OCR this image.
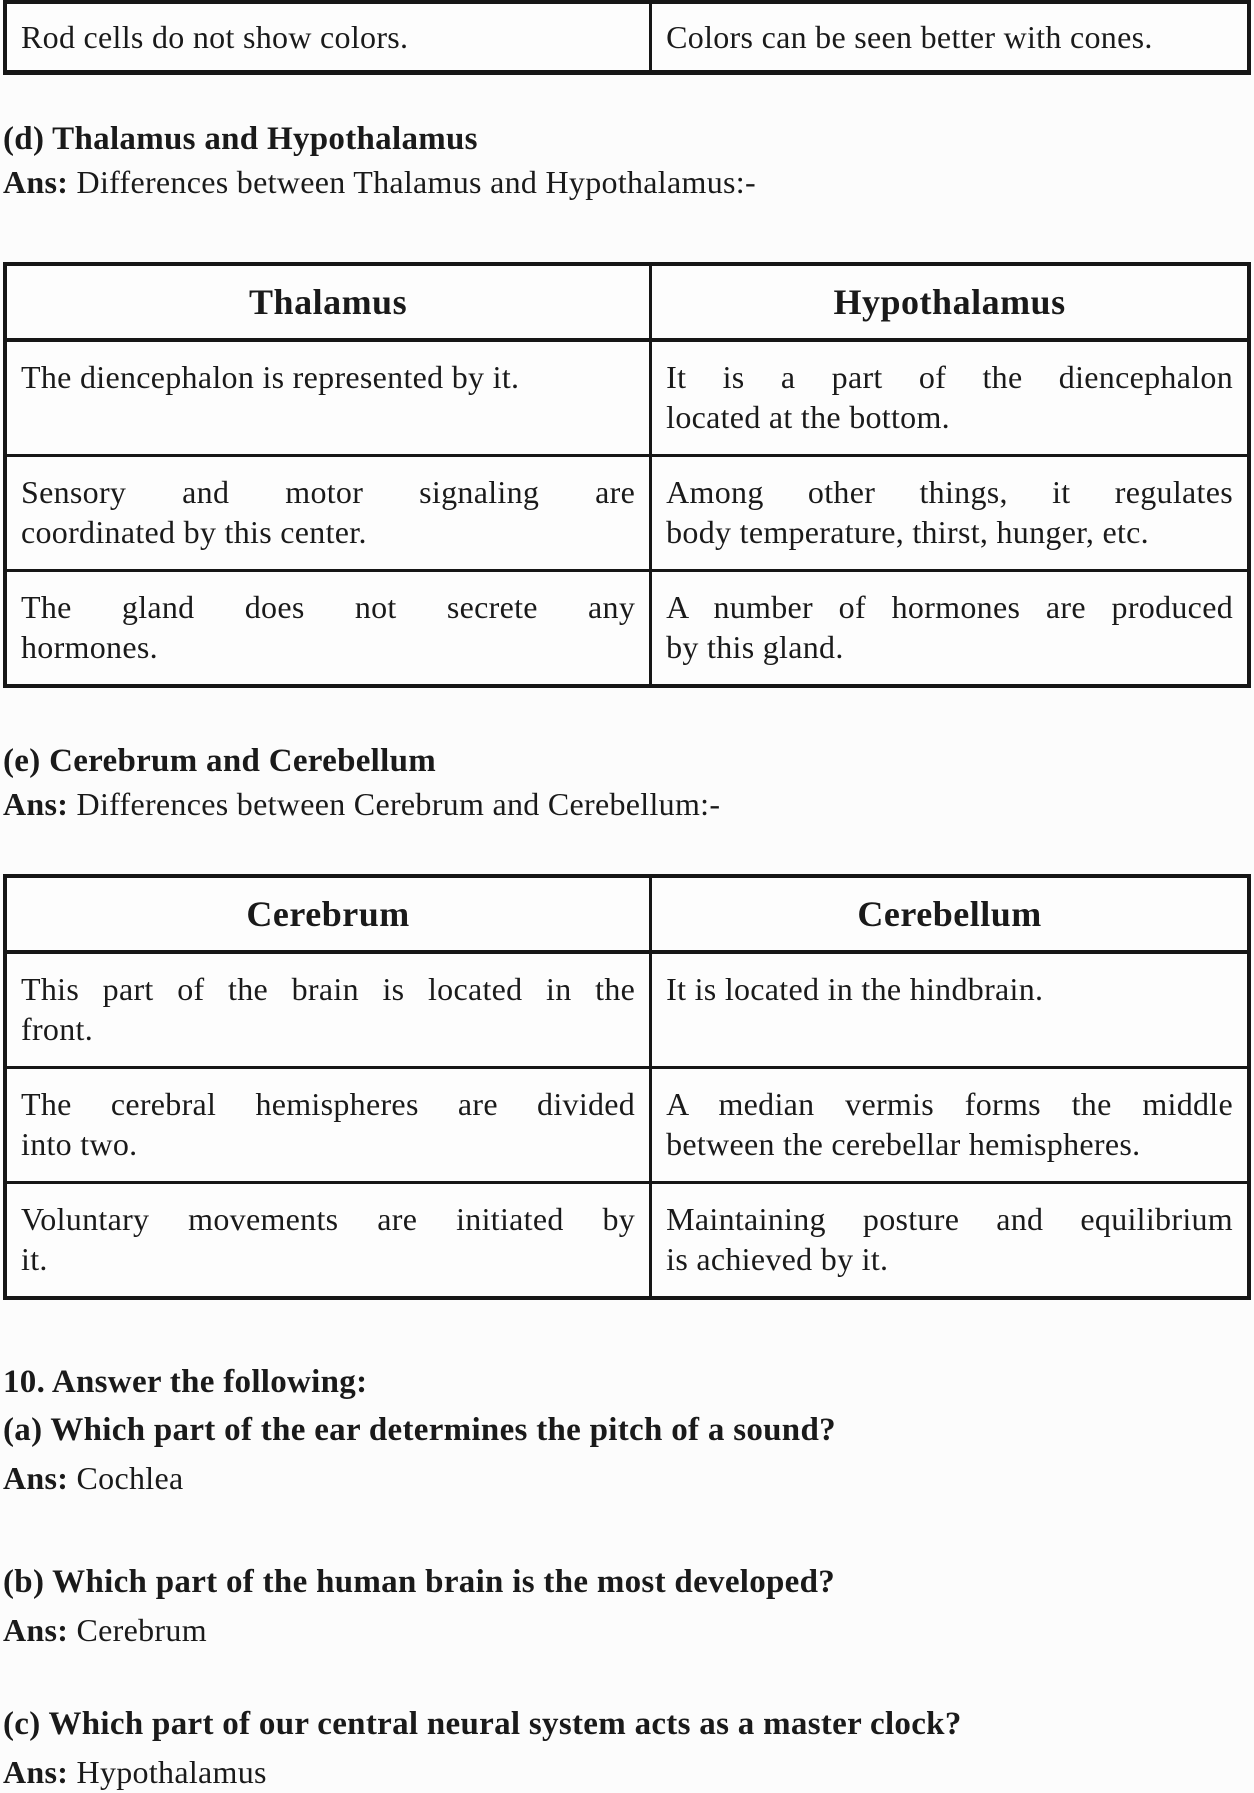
Rod cells do not show colors.	Colors can be seen better with cones.

(d) Thalamus and Hypothalamus

Ans: Differences between Thalamus and Hypothalamus:-

Thalamus	Hypothalamus
The diencephalon is represented by it.	It is a part of the diencephalon
located at the bottom.

Sensory and motor signaling are
coordinated by this center.	Among other things, it regulates
body temperature, thirst, hunger, etc.

The gland does not secrete any
hormones.	A number of hormones are produced
by this gland.

(e) Cerebrum and Cerebellum

Ans: Differences between Cerebrum and Cerebellum:-

Cerebrum	Cerebellum

This part of the brain is located in the
front.	It is located in the hindbrain.

The cerebral hemispheres are divided
into two.	A median vermis forms the middle
between the cerebellar hemispheres.

Voluntary movements are initiated by
it.	Maintaining posture and equilibrium
is achieved by it.

10. Answer the following:

(a) Which part of the ear determines the pitch of a sound?

Ans: Cochlea

(b) Which part of the human brain is the most developed?

Ans: Cerebrum

(c) Which part of our central neural system acts as a master clock?

Ans: Hypothalamus
